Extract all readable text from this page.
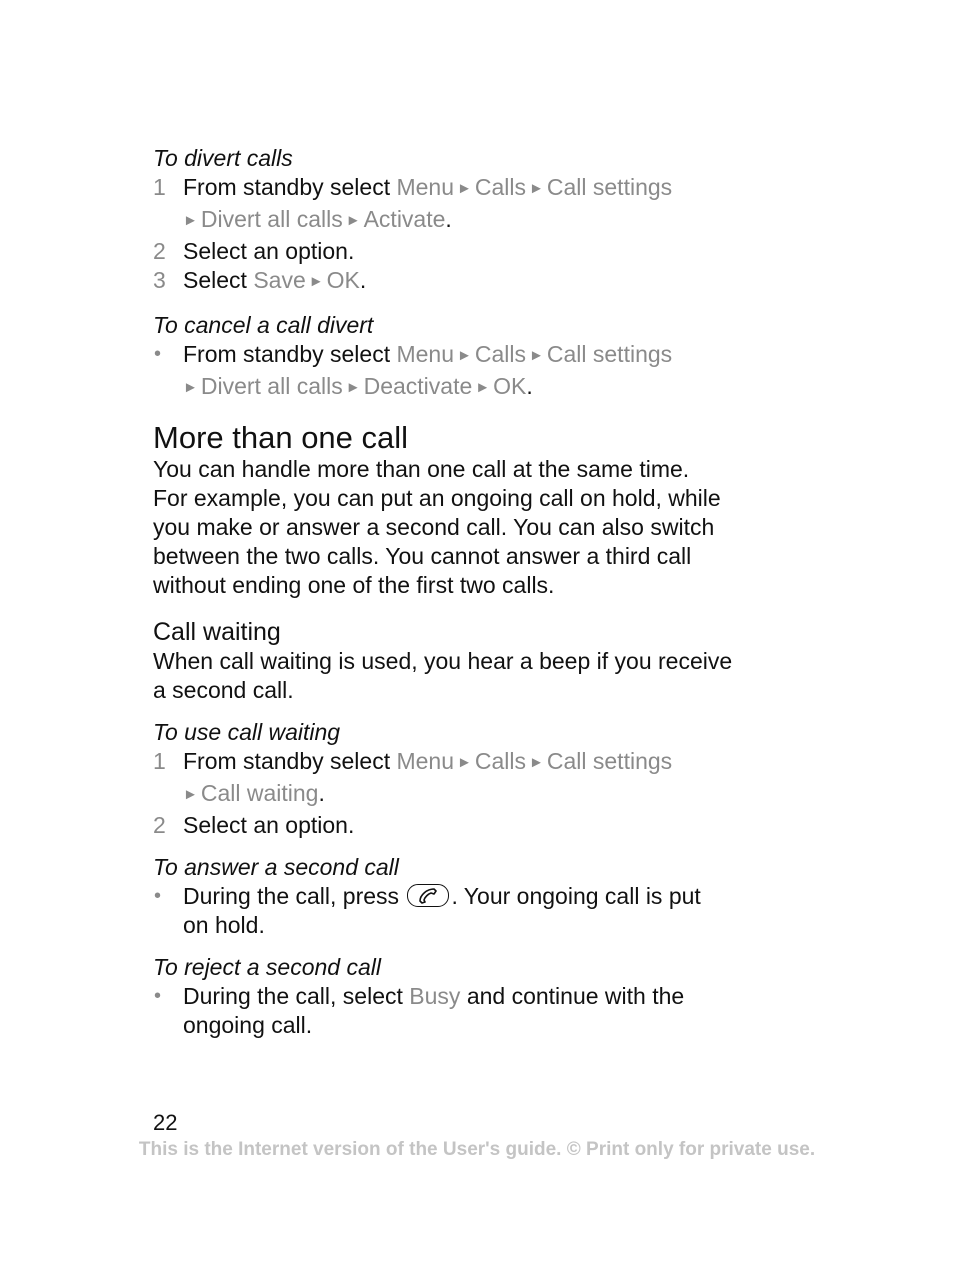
To divert calls
1 From standby select Menu ► Calls ► Call settings
► Divert all calls ► Activate.
2 Select an option.
3 Select Save ► OK.
To cancel a call divert
• From standby select Menu ► Calls ► Call settings
► Divert all calls ► Deactivate ► OK.
More than one call

You can handle more than one call at the same time.
For example, you can put an ongoing call on hold, while
you make or answer a second call. You can also switch
between the two calls. You cannot answer a third call
without ending one of the first two calls.

Call waiting

When call waiting is used, you hear a beep if you receive
a second call.

To use call waiting
1 From standby select Menu ► Calls ► Call settings
► Call waiting.
2 Select an option.
To answer a second call
• During the call, press . Your ongoing call is put
on hold.
To reject a second call
• During the call, select Busy and continue with the
ongoing call.
22
This is the Internet version of the User's guide. © Print only for private use.
